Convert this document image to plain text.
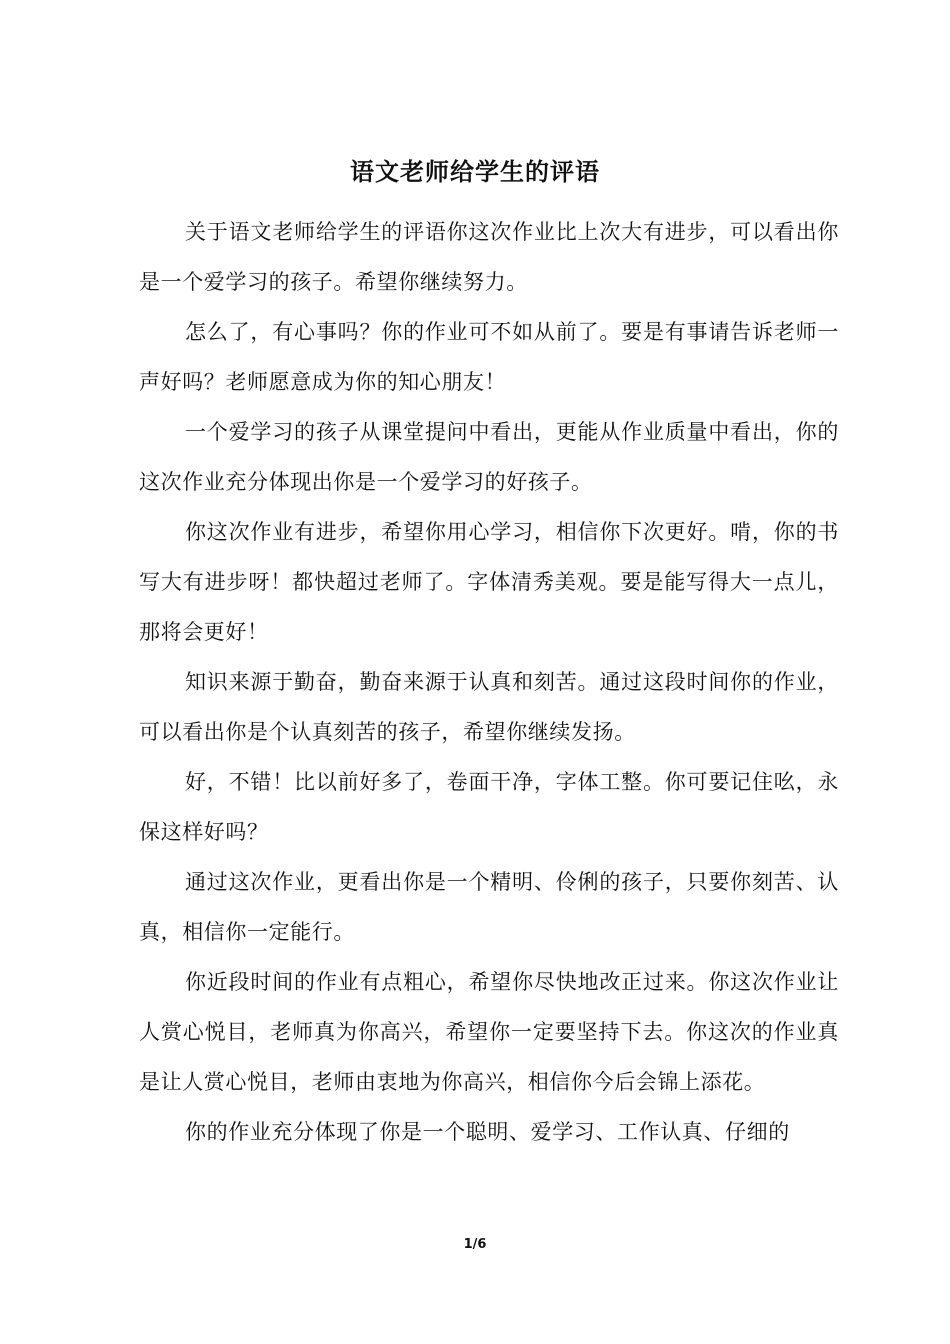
语文老师给学生的评语

关于语文老师给学生的评语你这次作业比上次大有进步，可以看出你是一个爱学习的孩子。希望你继续努力。

怎么了，有心事吗？你的作业可不如从前了。要是有事请告诉老师一声好吗？老师愿意成为你的知心朋友！

一个爱学习的孩子从课堂提问中看出，更能从作业质量中看出，你的这次作业充分体现出你是一个爱学习的好孩子。

你这次作业有进步，希望你用心学习，相信你下次更好。啃，你的书写大有进步呀！都快超过老师了。字体清秀美观。要是能写得大一点儿，那将会更好！

知识来源于勤奋，勤奋来源于认真和刻苦。通过这段时间你的作业，可以看出你是个认真刻苦的孩子，希望你继续发扬。

好，不错！比以前好多了，卷面干净，字体工整。你可要记住吆，永保这样好吗？

通过这次作业，更看出你是一个精明、伶俐的孩子，只要你刻苦、认真，相信你一定能行。

你近段时间的作业有点粗心，希望你尽快地改正过来。你这次作业让人赏心悦目，老师真为你高兴，希望你一定要坚持下去。你这次的作业真是让人赏心悦目，老师由衷地为你高兴，相信你今后会锦上添花。

你的作业充分体现了你是一个聪明、爱学习、工作认真、仔细的

1/6
